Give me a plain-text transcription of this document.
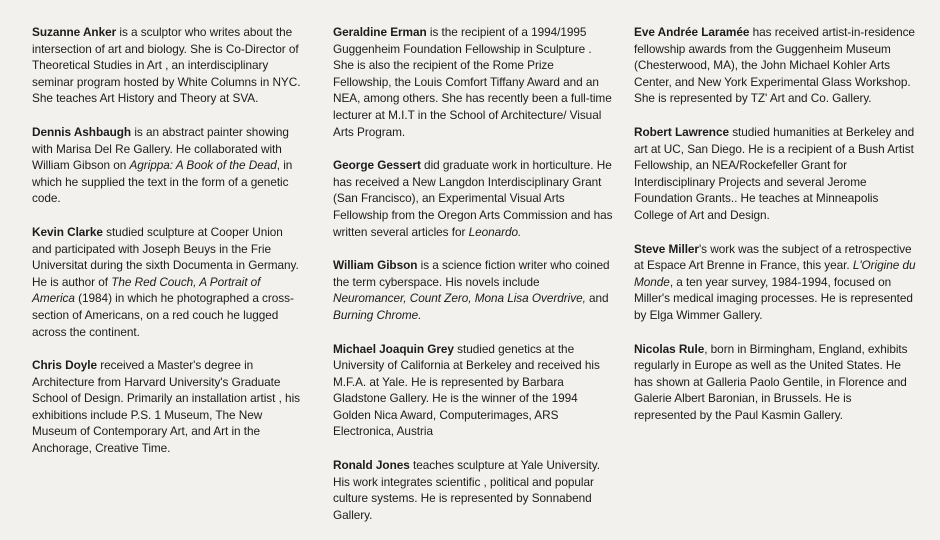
Suzanne Anker is a sculptor who writes about the intersection of art and biology. She is Co-Director of Theoretical Studies in Art , an interdisciplinary seminar program hosted by White Columns in NYC. She teaches Art History and Theory at SVA.

Dennis Ashbaugh is an abstract painter showing with Marisa Del Re Gallery. He collaborated with William Gibson on Agrippa: A Book of the Dead, in which he supplied the text in the form of a genetic code.

Kevin Clarke studied sculpture at Cooper Union and participated with Joseph Beuys in the Frie Universitat during the sixth Documenta in Germany. He is author of The Red Couch, A Portrait of America (1984) in which he photographed a cross-section of Americans, on a red couch he lugged across the continent.

Chris Doyle received a Master's degree in Architecture from Harvard University's Graduate School of Design. Primarily an installation artist , his exhibitions include P.S. 1 Museum, The New Museum of Contemporary Art, and Art in the Anchorage, Creative Time.

Geraldine Erman is the recipient of a 1994/1995 Guggenheim Foundation Fellowship in Sculpture . She is also the recipient of the Rome Prize Fellowship, the Louis Comfort Tiffany Award and an NEA, among others. She has recently been a full-time lecturer at M.I.T in the School of Architecture/ Visual Arts Program.

George Gessert did graduate work in horticulture. He has received a New Langdon Interdisciplinary Grant (San Francisco), an Experimental Visual Arts Fellowship from the Oregon Arts Commission and has written several articles for Leonardo.

William Gibson is a science fiction writer who coined the term cyberspace. His novels include Neuromancer, Count Zero, Mona Lisa Overdrive, and Burning Chrome.

Michael Joaquin Grey studied genetics at the University of California at Berkeley and received his M.F.A. at Yale. He is represented by Barbara Gladstone Gallery. He is the winner of the 1994 Golden Nica Award, Computerimages, ARS Electronica, Austria

Ronald Jones teaches sculpture at Yale University. His work integrates scientific , political and popular culture systems. He is represented by Sonnabend Gallery.

Eve Andrée Laramée has received artist-in-residence fellowship awards from the Guggenheim Museum (Chesterwood, MA), the John Michael Kohler Arts Center, and New York Experimental Glass Workshop. She is represented by TZ' Art and Co. Gallery.

Robert Lawrence studied humanities at Berkeley and art at UC, San Diego. He is a recipient of a Bush Artist Fellowship, an NEA/Rockefeller Grant for Interdisciplinary Projects and several Jerome Foundation Grants.. He teaches at Minneapolis College of Art and Design.

Steve Miller's work was the subject of a retrospective at Espace Art Brenne in France, this year. L'Origine du Monde, a ten year survey, 1984-1994, focused on Miller's medical imaging processes. He is represented by Elga Wimmer Gallery.

Nicolas Rule, born in Birmingham, England, exhibits regularly in Europe as well as the United States. He has shown at Galleria Paolo Gentile, in Florence and Galerie Albert Baronian, in Brussels. He is represented by the Paul Kasmin Gallery.
